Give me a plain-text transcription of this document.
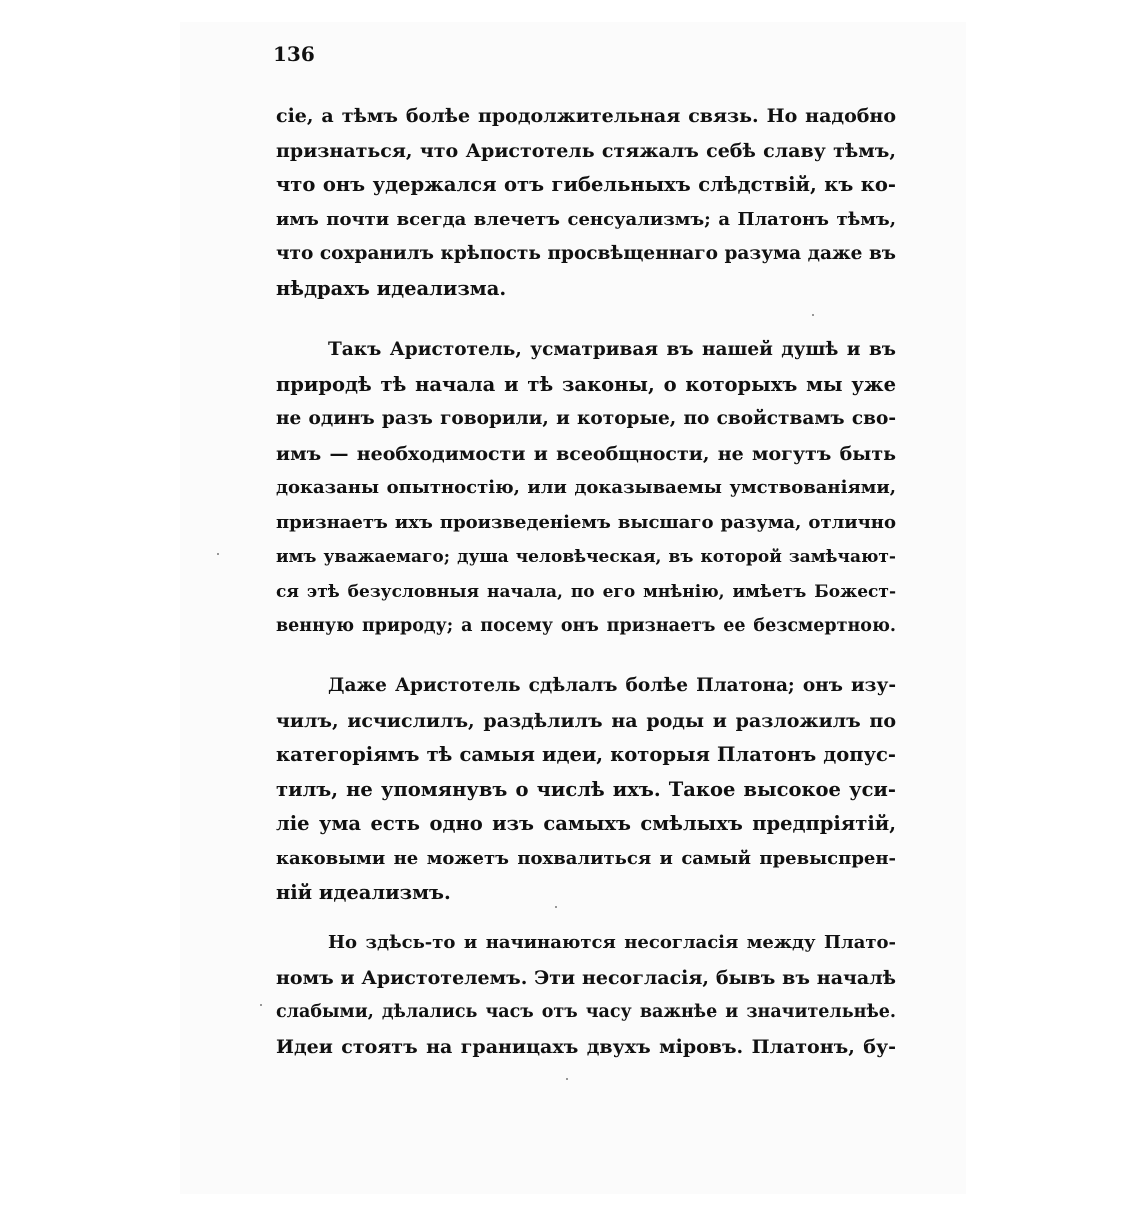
136
cie, а тѣмъ болѣе продолжительная связь. Но надобно
признаться, что Аристотель стяжалъ себѣ славу тѣмъ,
что онъ удержался отъ гибельныхъ слѣдствій, къ ко-
имъ почти всегда влечетъ сенсуализмъ; а Платонъ тѣмъ,
что сохранилъ крѣпость просвѣщеннаго разума даже въ
нѣдрахъ идеализма.
Такъ Аристотель, усматривая въ нашей душѣ и въ
природѣ тѣ начала и тѣ законы, о которыхъ мы уже
не одинъ разъ говорили, и которые, по свойствамъ сво-
имъ — необходимости и всеобщности, не могутъ быть
доказаны опытностію, или доказываемы умствованіями,
признаетъ ихъ произведеніемъ высшаго разума, отлично
имъ уважаемаго; душа человѣческая, въ которой замѣчают-
ся этѣ безусловныя начала, по его мнѣнію, имѣетъ Божест-
венную природу; а посему онъ признаетъ ее безсмертною.
Даже Аристотель сдѣлалъ болѣе Платона; онъ изу-
чилъ, исчислилъ, раздѣлилъ на роды и разложилъ по
категоріямъ тѣ самыя идеи, которыя Платонъ допус-
тилъ, не упомянувъ о числѣ ихъ. Такое высокое уси-
ліе ума есть одно изъ самыхъ смѣлыхъ предпріятій,
каковыми не можетъ похвалиться и самый превыспрен-
ній идеализмъ.
Но здѣсь-то и начинаются несогласія между Плато-
номъ и Аристотелемъ. Эти несогласія, бывъ въ началѣ
слабыми, дѣлались часъ отъ часу важнѣе и значительнѣе.
Идеи стоятъ на границахъ двухъ міровъ. Платонъ, бу-
